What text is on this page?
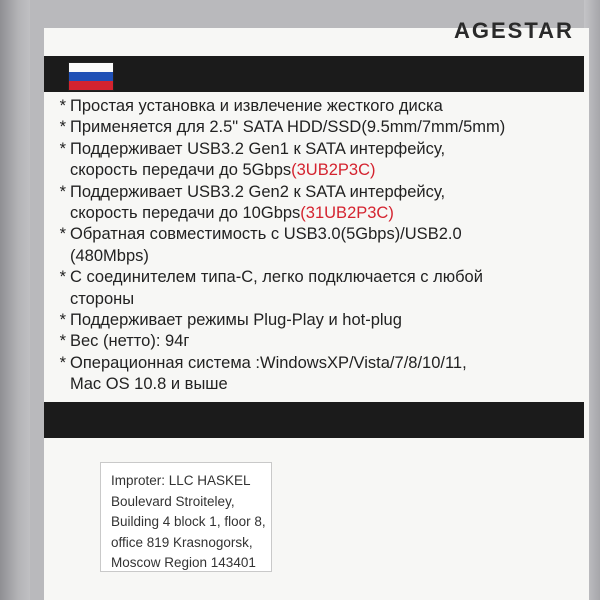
AGESTAR
* Простая установка и извлечение жесткого диска
* Применяется для 2.5" SATA HDD/SSD(9.5mm/7mm/5mm)
* Поддерживает USB3.2 Gen1 к SATA интерфейсу,
скорость передачи до 5Gbps(3UB2P3C)
* Поддерживает USB3.2 Gen2 к SATA интерфейсу,
скорость передачи до 10Gbps(31UB2P3C)
* Обратная совместимость с USB3.0(5Gbps)/USB2.0
(480Mbps)
* С соединителем типа-С, легко подключается с любой
стороны
* Поддерживает режимы Plug-Play и hot-plug
* Вес (нетто): 94г
* Операционная система :WindowsXP/Vista/7/8/10/11,
Mac OS 10.8 и выше
Improter: LLC HASKEL
Boulevard Stroiteley,
Building 4 block 1, floor 8,
office 819 Krasnogorsk,
Moscow Region 143401
